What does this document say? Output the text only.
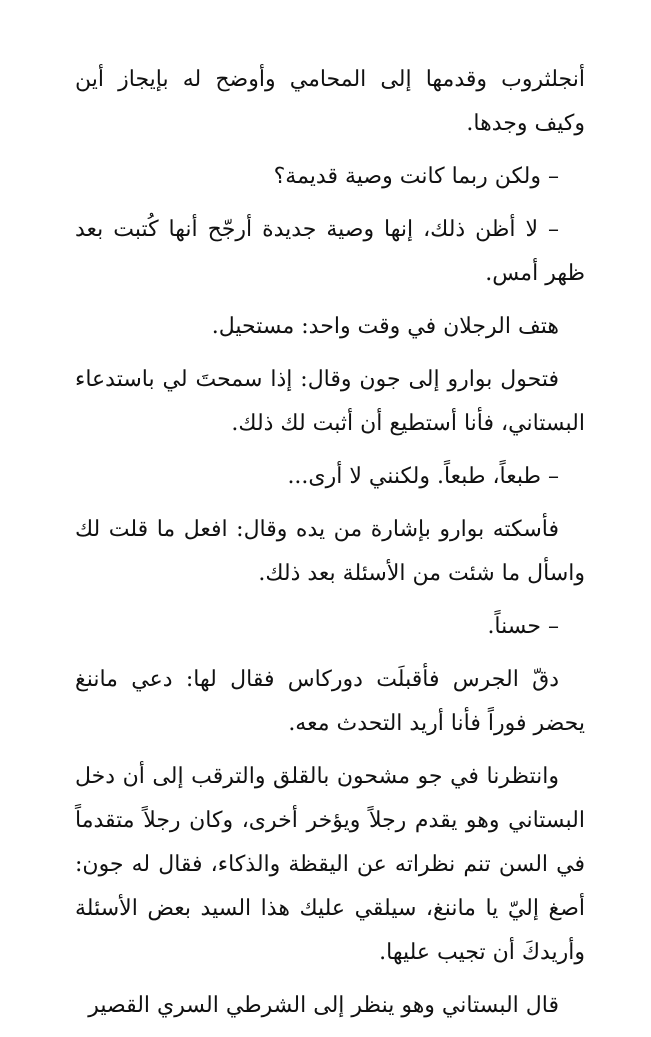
أنجلثروب وقدمها إلى المحامي وأوضح له بإيجاز أين وكيف وجدها.

– ولكن ربما كانت وصية قديمة؟

– لا أظن ذلك، إنها وصية جديدة أرجّح أنها كُتبت بعد ظهر أمس.

هتف الرجلان في وقت واحد: مستحيل.

فتحول بوارو إلى جون وقال: إذا سمحتَ لي باستدعاء البستاني، فأنا أستطيع أن أثبت لك ذلك.

– طبعاً، طبعاً. ولكنني لا أرى...

فأسكته بوارو بإشارة من يده وقال: افعل ما قلت لك واسأل ما شئت من الأسئلة بعد ذلك.

– حسناً.

دقّ الجرس فأقبلَت دوركاس فقال لها: دعي ماننغ يحضر فوراً فأنا أريد التحدث معه.

وانتظرنا في جو مشحون بالقلق والترقب إلى أن دخل البستاني وهو يقدم رجلاً ويؤخر أخرى، وكان رجلاً متقدماً في السن تنم نظراته عن اليقظة والذكاء، فقال له جون: أصغ إليّ يا ماننغ، سيلقي عليك هذا السيد بعض الأسئلة وأريدكَ أن تجيب عليها.

قال البستاني وهو ينظر إلى الشرطي السري القصير
